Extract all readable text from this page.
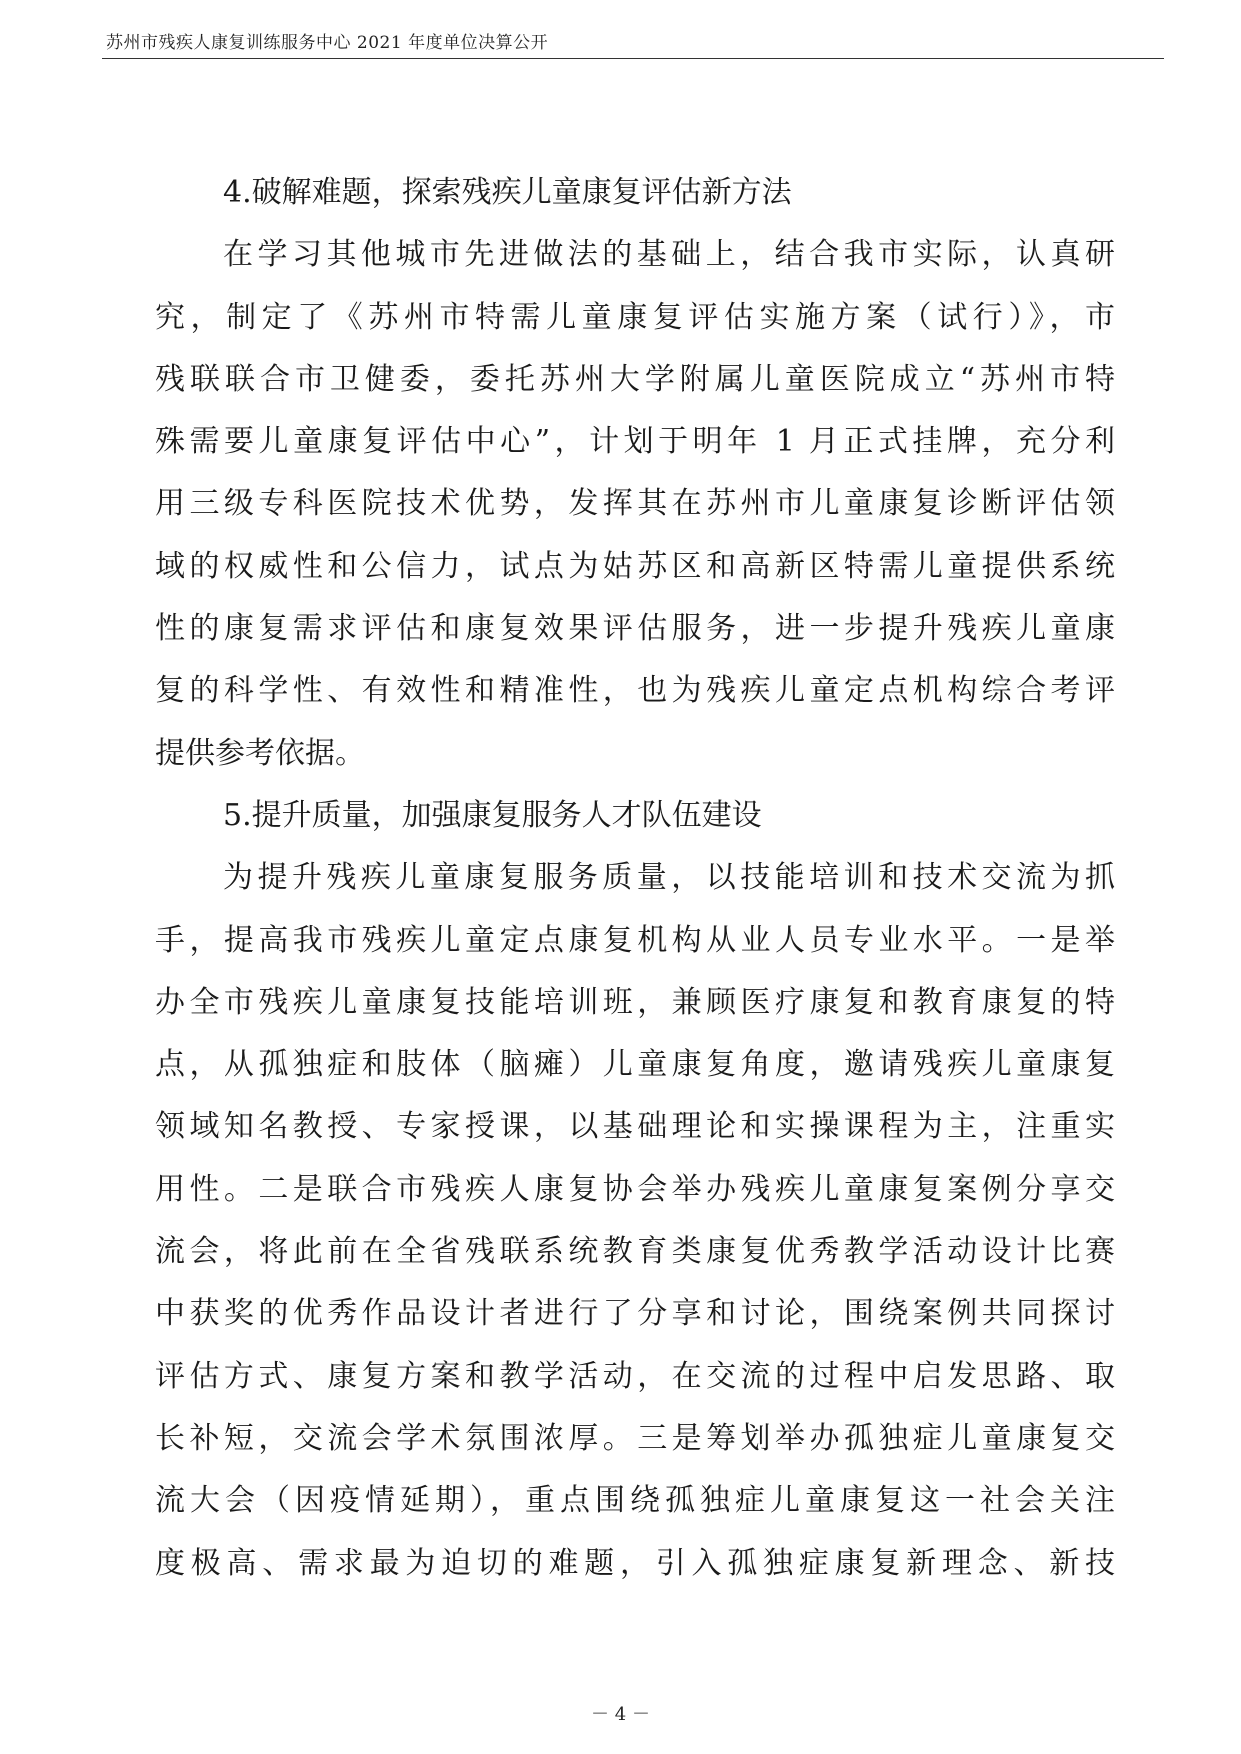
苏州市残疾人康复训练服务中心 2021 年度单位决算公开
4.破解难题，探索残疾儿童康复评估新方法
在学习其他城市先进做法的基础上，结合我市实际，认真研
究，制定了《苏州市特需儿童康复评估实施方案（试行）》，市
残联联合市卫健委，委托苏州大学附属儿童医院成立“苏州市特
殊需要儿童康复评估中心”，计划于明年 1 月正式挂牌，充分利
用三级专科医院技术优势，发挥其在苏州市儿童康复诊断评估领
域的权威性和公信力，试点为姑苏区和高新区特需儿童提供系统
性的康复需求评估和康复效果评估服务，进一步提升残疾儿童康
复的科学性、有效性和精准性，也为残疾儿童定点机构综合考评
提供参考依据。
5.提升质量，加强康复服务人才队伍建设
为提升残疾儿童康复服务质量，以技能培训和技术交流为抓
手，提高我市残疾儿童定点康复机构从业人员专业水平。一是举
办全市残疾儿童康复技能培训班，兼顾医疗康复和教育康复的特
点，从孤独症和肢体（脑瘫）儿童康复角度，邀请残疾儿童康复
领域知名教授、专家授课，以基础理论和实操课程为主，注重实
用性。二是联合市残疾人康复协会举办残疾儿童康复案例分享交
流会，将此前在全省残联系统教育类康复优秀教学活动设计比赛
中获奖的优秀作品设计者进行了分享和讨论，围绕案例共同探讨
评估方式、康复方案和教学活动，在交流的过程中启发思路、取
长补短，交流会学术氛围浓厚。三是筹划举办孤独症儿童康复交
流大会（因疫情延期），重点围绕孤独症儿童康复这一社会关注
度极高、需求最为迫切的难题，引入孤独症康复新理念、新技
－ 4 －
